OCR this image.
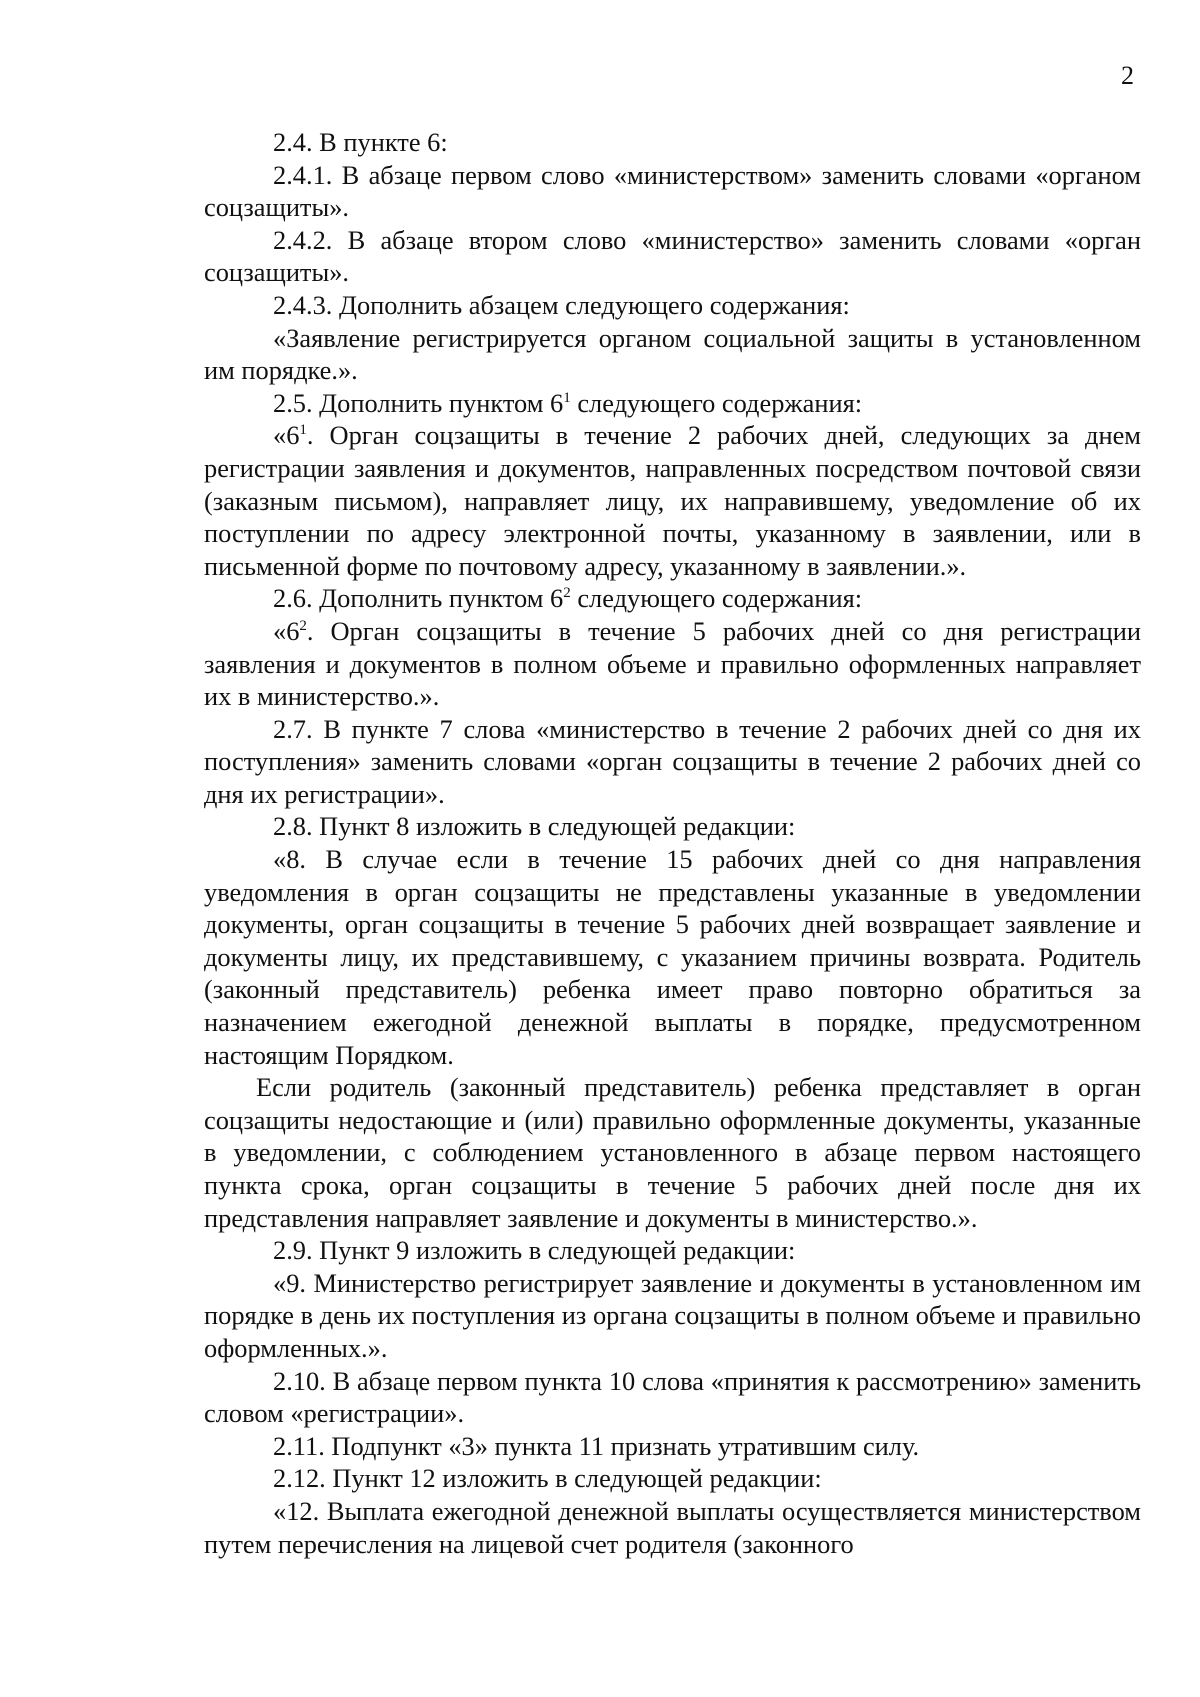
2

2.4. В пункте 6:

2.4.1. В абзаце первом слово «министерством» заменить словами «органом соцзащиты».

2.4.2. В абзаце втором слово «министерство» заменить словами «орган соцзащиты».

2.4.3. Дополнить абзацем следующего содержания:

«Заявление регистрируется органом социальной защиты в установленном им порядке.».

2.5. Дополнить пунктом $6^1$ следующего содержания:

«$6^1$. Орган соцзащиты в течение 2 рабочих дней, следующих за днем регистрации заявления и документов, направленных посредством почтовой связи (заказным письмом), направляет лицу, их направившему, уведомление об их поступлении по адресу электронной почты, указанному в заявлении, или в письменной форме по почтовому адресу, указанному в заявлении.».

2.6. Дополнить пунктом $6^2$ следующего содержания:

«$6^2$. Орган соцзащиты в течение 5 рабочих дней со дня регистрации заявления и документов в полном объеме и правильно оформленных направляет их в министерство.».

2.7. В пункте 7 слова «министерство в течение 2 рабочих дней со дня их поступления» заменить словами «орган соцзащиты в течение 2 рабочих дней со дня их регистрации».

2.8. Пункт 8 изложить в следующей редакции:

«8. В случае если в течение 15 рабочих дней со дня направления уведомления в орган соцзащиты не представлены указанные в уведомлении документы, орган соцзащиты в течение 5 рабочих дней возвращает заявление и документы лицу, их представившему, с указанием причины возврата. Родитель (законный представитель) ребенка имеет право повторно обратиться за назначением ежегодной денежной выплаты в порядке, предусмотренном настоящим Порядком.

Если родитель (законный представитель) ребенка представляет в орган соцзащиты недостающие и (или) правильно оформленные документы, указанные в уведомлении, с соблюдением установленного в абзаце первом настоящего пункта срока, орган соцзащиты в течение 5 рабочих дней после дня их представления направляет заявление и документы в министерство.».

2.9. Пункт 9 изложить в следующей редакции:

«9. Министерство регистрирует заявление и документы в установленном им порядке в день их поступления из органа соцзащиты в полном объеме и правильно оформленных.».

2.10. В абзаце первом пункта 10 слова «принятия к рассмотрению» заменить словом «регистрации».

2.11. Подпункт «3» пункта 11 признать утратившим силу.

2.12. Пункт 12 изложить в следующей редакции:

«12. Выплата ежегодной денежной выплаты осуществляется министерством путем перечисления на лицевой счет родителя (законного
